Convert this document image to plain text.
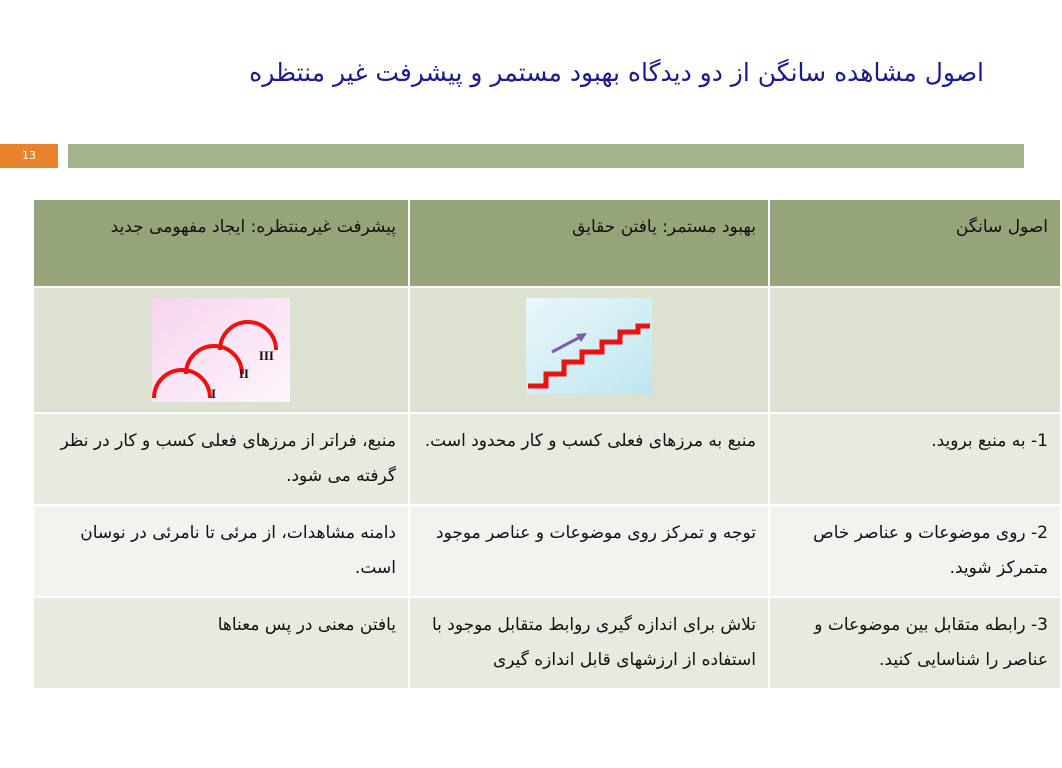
اصول مشاهده سانگن از دو دیدگاه بهبود مستمر و پیشرفت غیر منتظره
13
اصول سانگن	بهبود مستمر: یافتن حقایق	پیشرفت غیرمنتظره: ایجاد مفهومی جدید

I
II
III

1- به منبع بروید.	منبع به مرزهای فعلی کسب و کار محدود است.	منبع، فراتر از مرزهای فعلی کسب و کار در نظر گرفته می شود.
2- روی موضوعات و عناصر خاص متمرکز شوید.	توجه و تمرکز روی موضوعات و عناصر موجود	دامنه مشاهدات، از مرئی تا نامرئی در نوسان است.
3- رابطه متقابل بین موضوعات و عناصر را شناسایی کنید.	تلاش برای اندازه گیری روابط متقابل موجود با استفاده از ارزشهای قابل اندازه گیری	یافتن معنی در پس معناها
